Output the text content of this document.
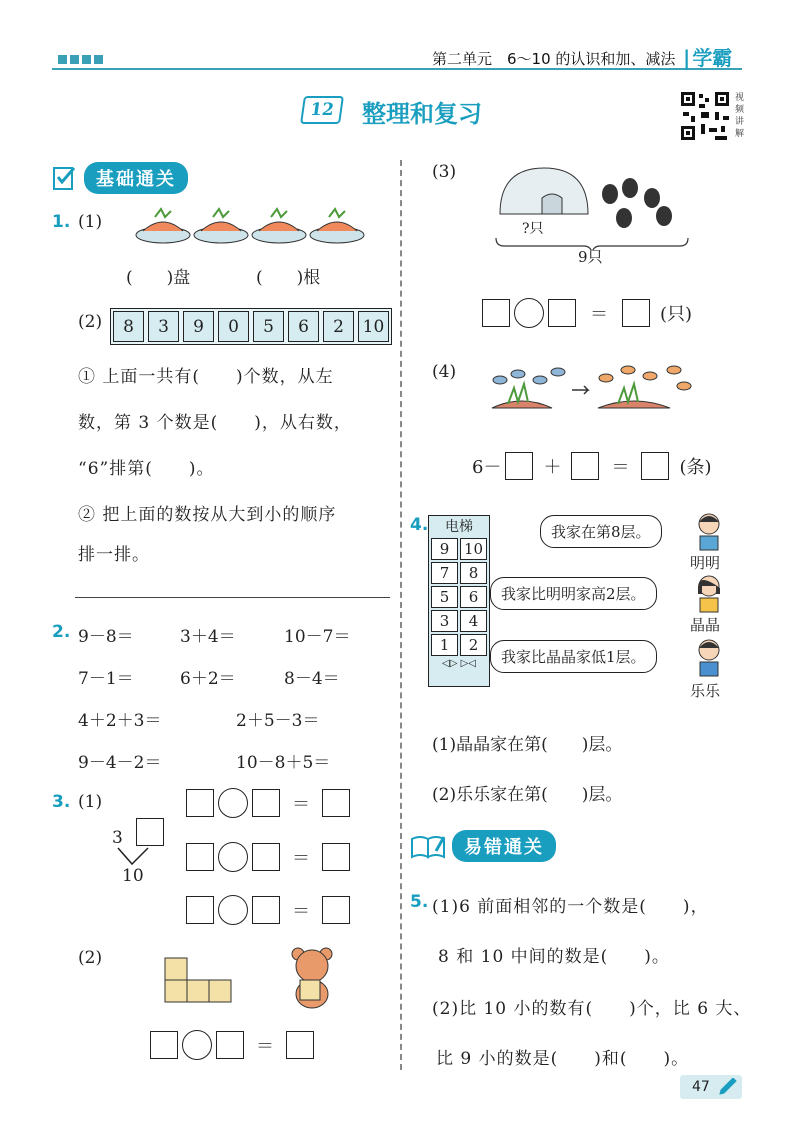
第二单元　6～10 的认识和加、减法 | 学霸
12	整理和复习
视频讲解
基础通关
1. (1)
(　　)盘	(　　)根
(2)	8	3	9	0	5	6	2	10
① 上面一共有(　　)个数，从左
数，第 3 个数是(　　)，从右数，
“6”排第(　　)。
② 把上面的数按从大到小的顺序
排一排。
2. 9－8＝	3＋4＝	10－7＝
7－1＝	6＋2＝	8－4＝
4＋2＋3＝	2＋5－3＝
9－4－2＝	10－8＋5＝
3. (1)
3
10
＝
＝
＝
(2)
＝
(3)
?只
9只
＝	(只)
(4)
6－ ＋	＝	(条)
4.	电梯
9 10
7	8
5	6
3	4
1	2
◁▷ ▷◁
我家在第8层。
我家比明明家高2层。
我家比晶晶家低1层。
明明
晶晶
乐乐
(1)晶晶家在第(　　)层。
(2)乐乐家在第(　　)层。
易错通关
5. (1)6 前面相邻的一个数是(　　)，
8 和 10 中间的数是(　　)。
(2)比 10 小的数有(　　)个，比 6 大、
比 9 小的数是(　　)和(　　)。
47
